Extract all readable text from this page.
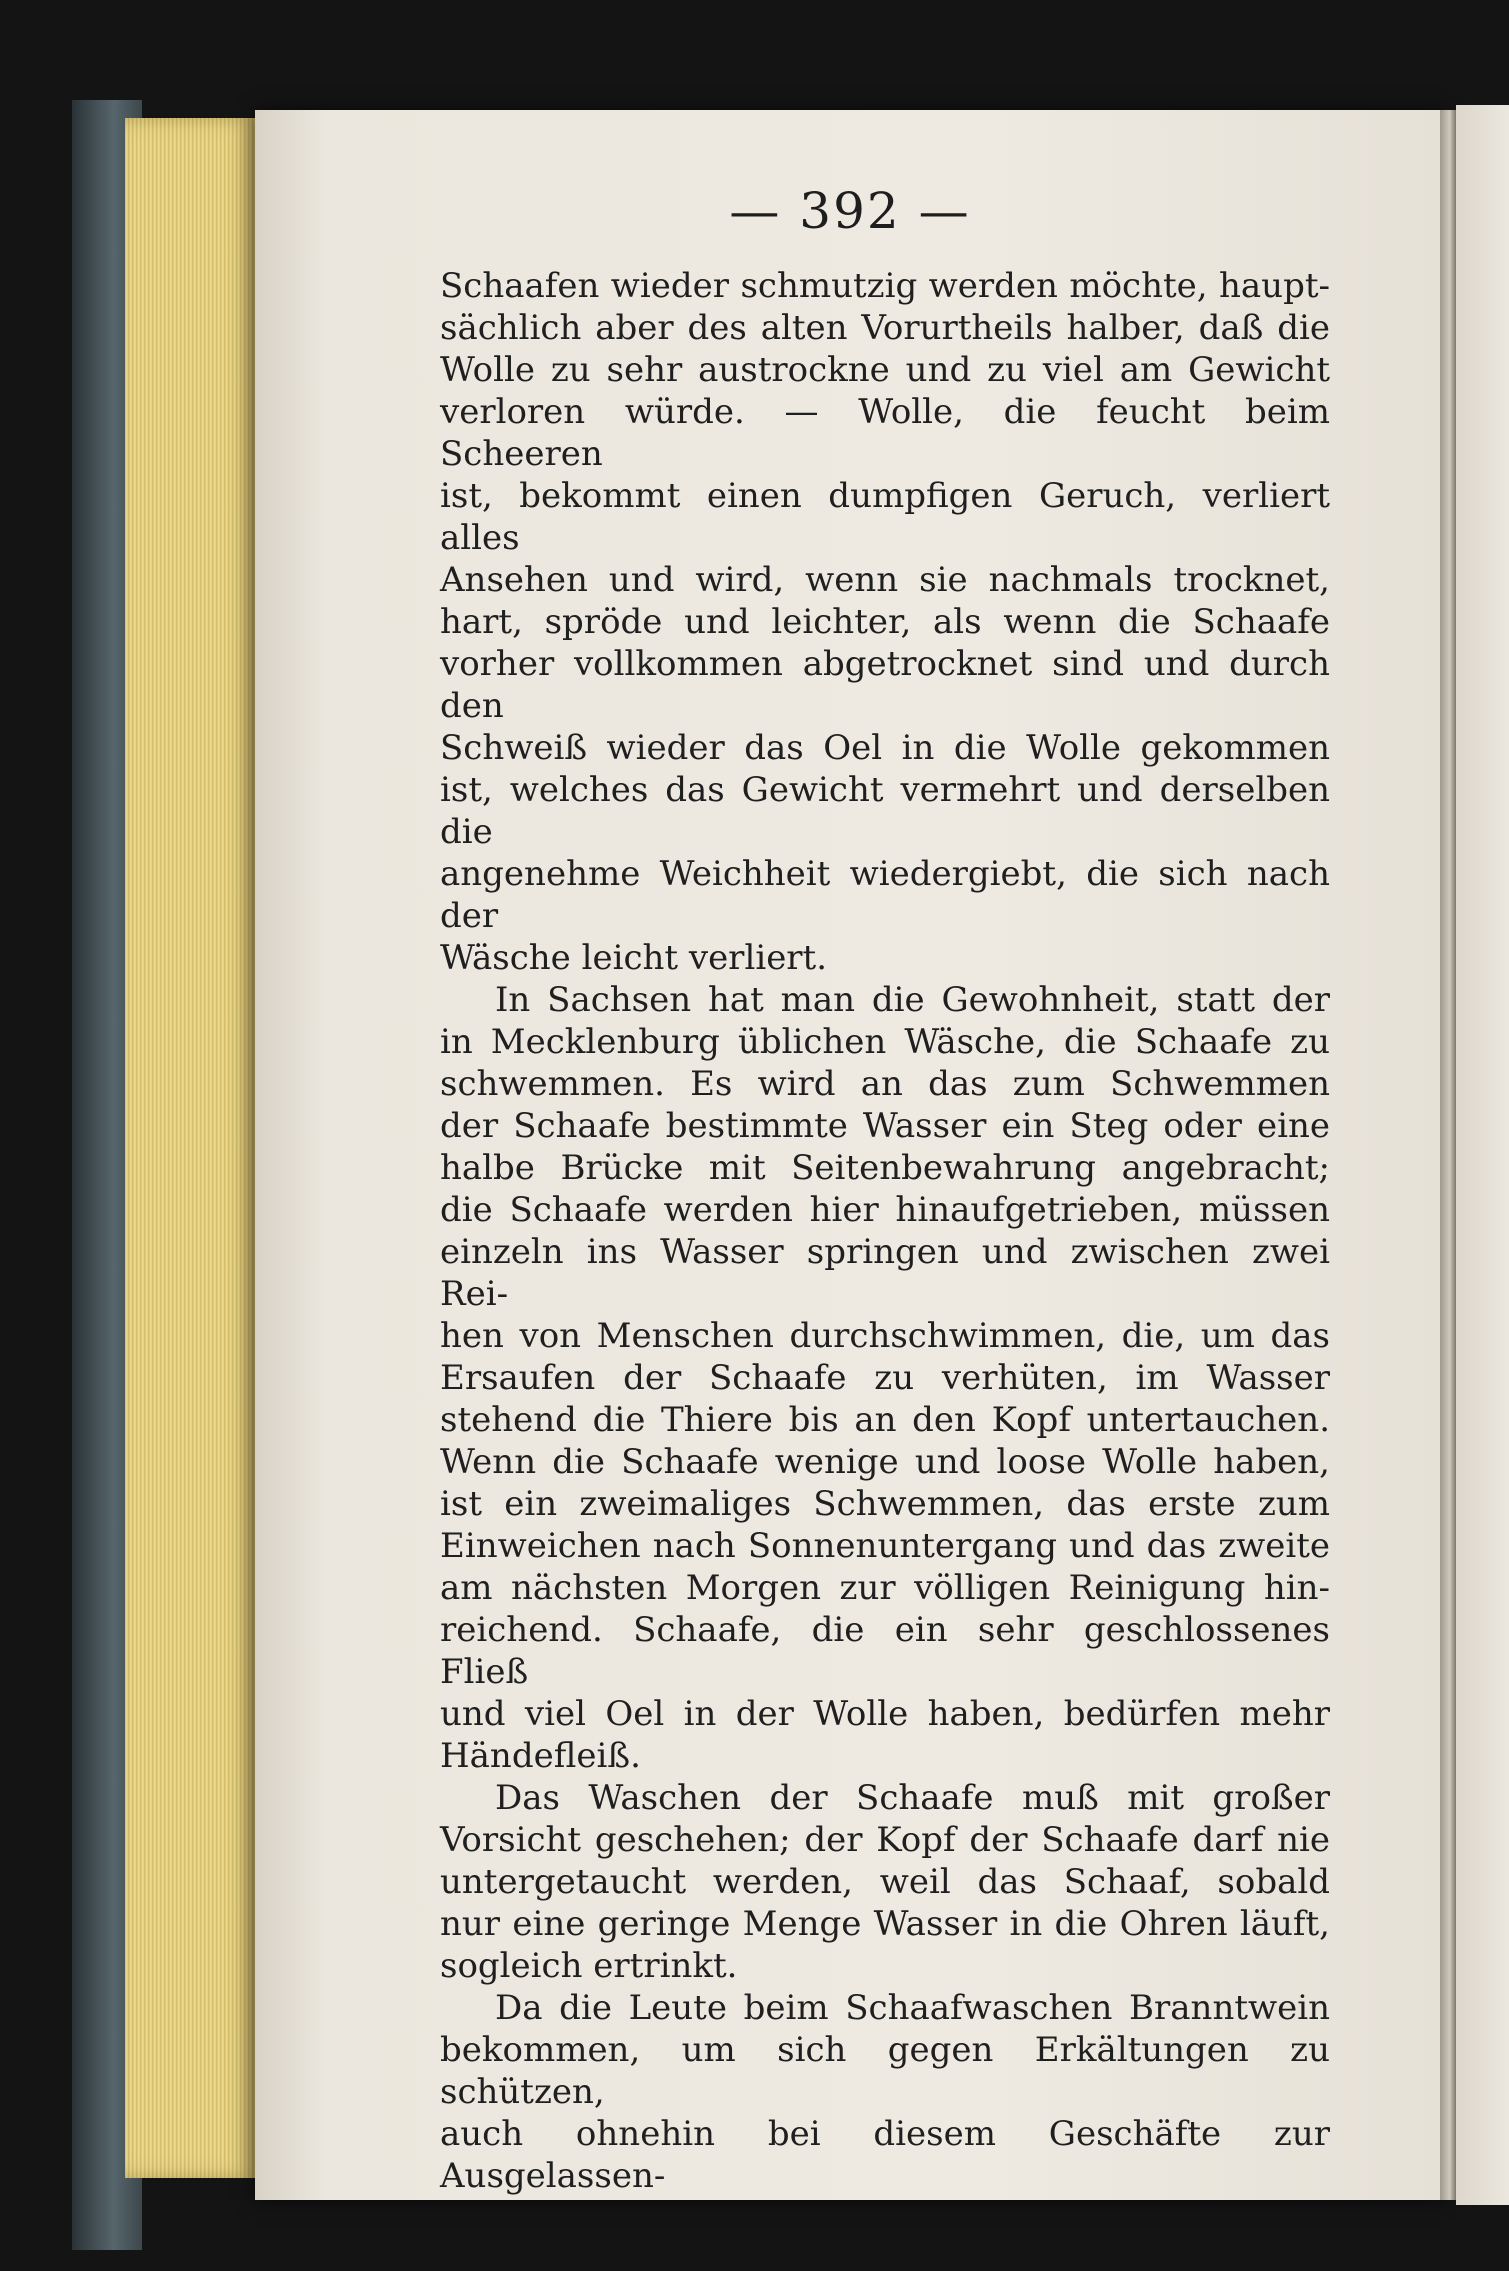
— 392 —

Schaafen wieder schmutzig werden möchte, haupt-

sächlich aber des alten Vorurtheils halber, daß die

Wolle zu sehr austrockne und zu viel am Gewicht

verloren würde. — Wolle, die feucht beim Scheeren

ist, bekommt einen dumpfigen Geruch, verliert alles

Ansehen und wird, wenn sie nachmals trocknet,

hart, spröde und leichter, als wenn die Schaafe

vorher vollkommen abgetrocknet sind und durch den

Schweiß wieder das Oel in die Wolle gekommen

ist, welches das Gewicht vermehrt und derselben die

angenehme Weichheit wiedergiebt, die sich nach der

Wäsche leicht verliert.

In Sachsen hat man die Gewohnheit, statt der

in Mecklenburg üblichen Wäsche, die Schaafe zu

schwemmen. Es wird an das zum Schwemmen

der Schaafe bestimmte Wasser ein Steg oder eine

halbe Brücke mit Seitenbewahrung angebracht;

die Schaafe werden hier hinaufgetrieben, müssen

einzeln ins Wasser springen und zwischen zwei Rei-

hen von Menschen durchschwimmen, die, um das

Ersaufen der Schaafe zu verhüten, im Wasser

stehend die Thiere bis an den Kopf untertauchen.

Wenn die Schaafe wenige und loose Wolle haben,

ist ein zweimaliges Schwemmen, das erste zum

Einweichen nach Sonnenuntergang und das zweite

am nächsten Morgen zur völligen Reinigung hin-

reichend. Schaafe, die ein sehr geschlossenes Fließ

und viel Oel in der Wolle haben, bedürfen mehr

Händefleiß.

Das Waschen der Schaafe muß mit großer

Vorsicht geschehen; der Kopf der Schaafe darf nie

untergetaucht werden, weil das Schaaf, sobald

nur eine geringe Menge Wasser in die Ohren läuft,

sogleich ertrinkt.

Da die Leute beim Schaafwaschen Branntwein

bekommen, um sich gegen Erkältungen zu schützen,

auch ohnehin bei diesem Geschäfte zur Ausgelassen-
